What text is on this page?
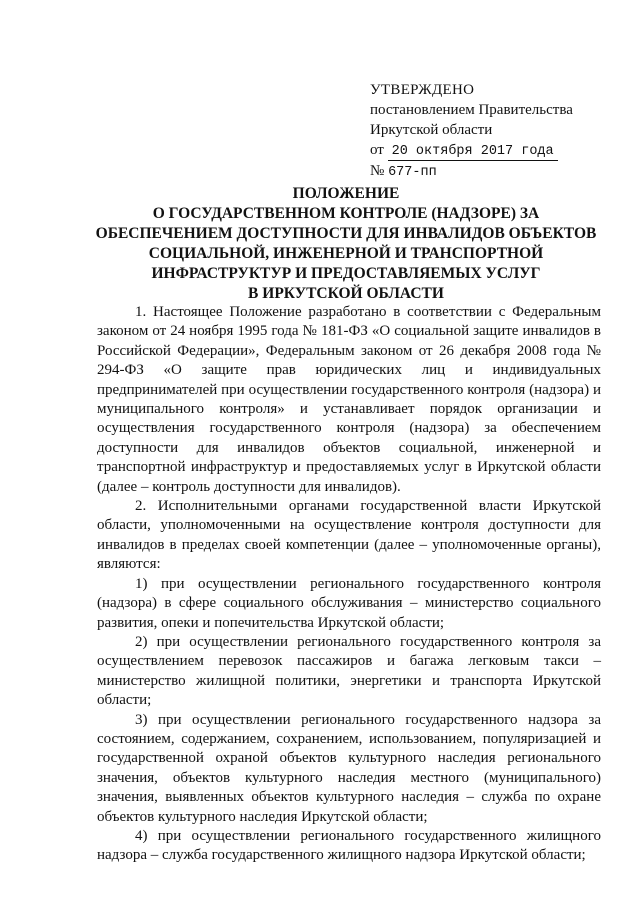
УТВЕРЖДЕНО
постановлением Правительства
Иркутской области
от 20 октября 2017 года
№ 677-пп
ПОЛОЖЕНИЕ
О ГОСУДАРСТВЕННОМ КОНТРОЛЕ (НАДЗОРЕ) ЗА
ОБЕСПЕЧЕНИЕМ ДОСТУПНОСТИ ДЛЯ ИНВАЛИДОВ ОБЪЕКТОВ
СОЦИАЛЬНОЙ, ИНЖЕНЕРНОЙ И ТРАНСПОРТНОЙ
ИНФРАСТРУКТУР И ПРЕДОСТАВЛЯЕМЫХ УСЛУГ
В ИРКУТСКОЙ ОБЛАСТИ

1. Настоящее Положение разработано в соответствии с Федеральным законом от 24 ноября 1995 года № 181-ФЗ «О социальной защите инвалидов в Российской Федерации», Федеральным законом от 26 декабря 2008 года № 294-ФЗ «О защите прав юридических лиц и индивидуальных предпринимателей при осуществлении государственного контроля (надзора) и муниципального контроля» и устанавливает порядок организации и осуществления государственного контроля (надзора) за обеспечением доступности для инвалидов объектов социальной, инженерной и транспортной инфраструктур и предоставляемых услуг в Иркутской области (далее – контроль доступности для инвалидов).

2. Исполнительными органами государственной власти Иркутской области, уполномоченными на осуществление контроля доступности для инвалидов в пределах своей компетенции (далее – уполномоченные органы), являются:

1) при осуществлении регионального государственного контроля (надзора) в сфере социального обслуживания – министерство социального развития, опеки и попечительства Иркутской области;

2) при осуществлении регионального государственного контроля за осуществлением перевозок пассажиров и багажа легковым такси – министерство жилищной политики, энергетики и транспорта Иркутской области;

3) при осуществлении регионального государственного надзора за состоянием, содержанием, сохранением, использованием, популяризацией и государственной охраной объектов культурного наследия регионального значения, объектов культурного наследия местного (муниципального) значения, выявленных объектов культурного наследия – служба по охране объектов культурного наследия Иркутской области;

4) при осуществлении регионального государственного жилищного надзора – служба государственного жилищного надзора Иркутской области;
